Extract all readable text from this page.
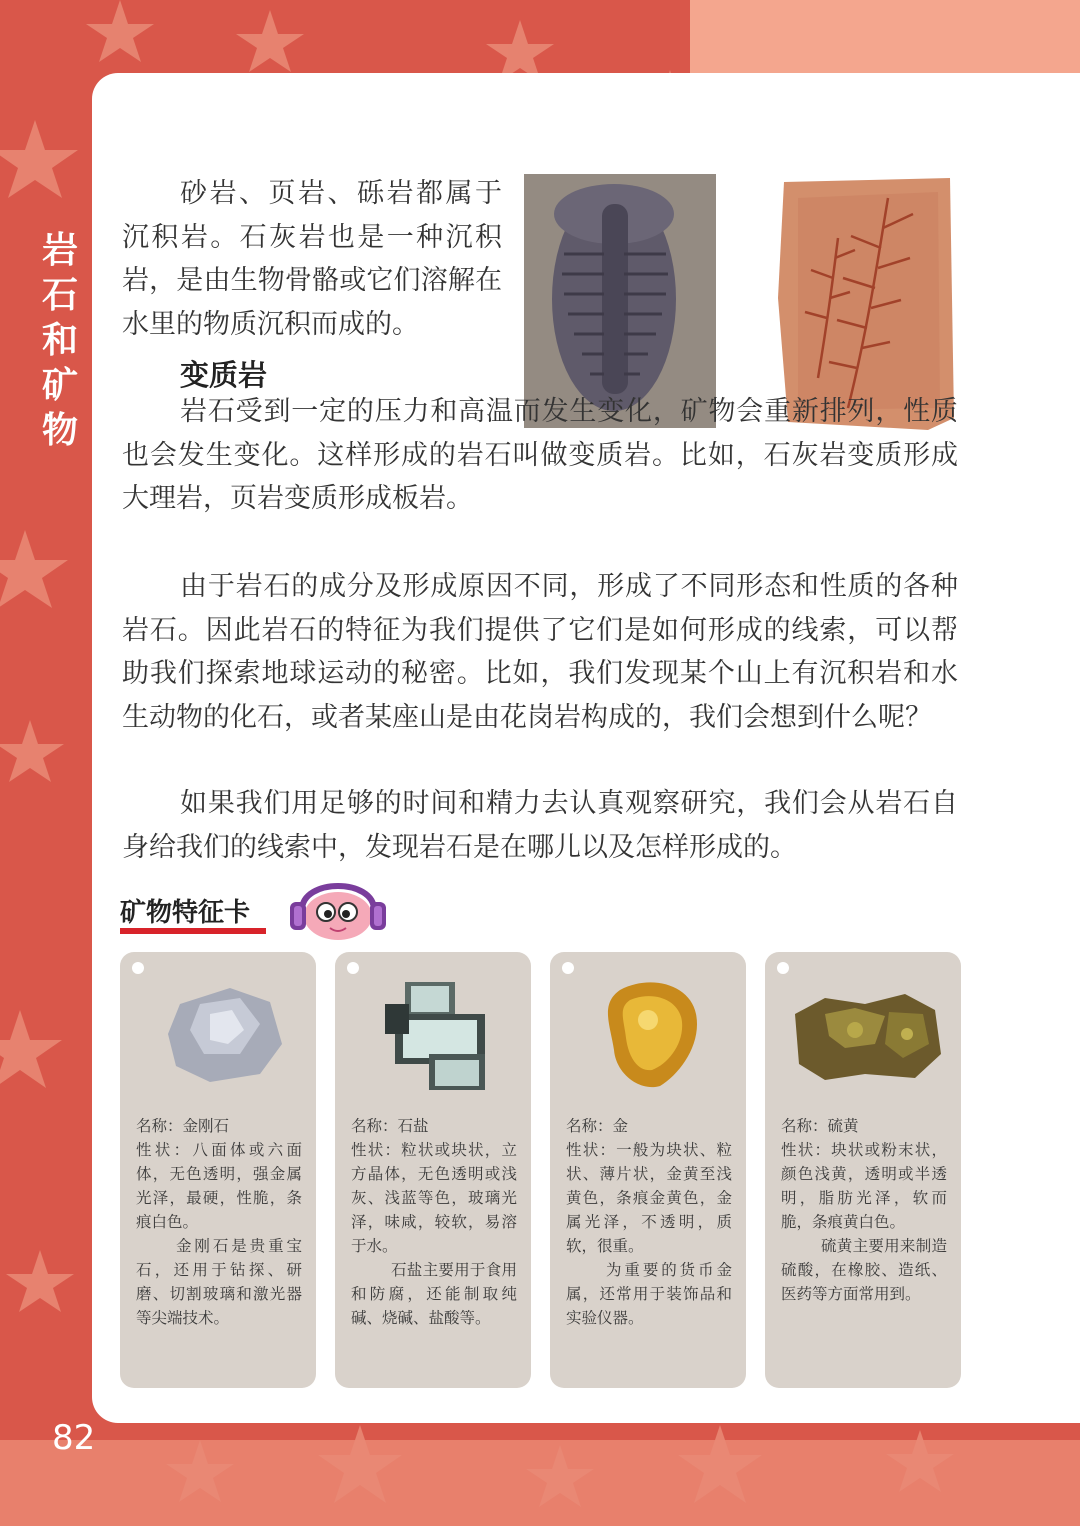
岩石和矿物
82

砂岩、页岩、砾岩都属于沉积岩。石灰岩也是一种沉积岩，是由生物骨骼或它们溶解在水里的物质沉积而成的。

变质岩

岩石受到一定的压力和高温而发生变化，矿物会重新排列，性质也会发生变化。这样形成的岩石叫做变质岩。比如，石灰岩变质形成大理岩，页岩变质形成板岩。

由于岩石的成分及形成原因不同，形成了不同形态和性质的各种岩石。因此岩石的特征为我们提供了它们是如何形成的线索，可以帮助我们探索地球运动的秘密。比如，我们发现某个山上有沉积岩和水生动物的化石，或者某座山是由花岗岩构成的，我们会想到什么呢？

如果我们用足够的时间和精力去认真观察研究，我们会从岩石自身给我们的线索中，发现岩石是在哪儿以及怎样形成的。

矿物特征卡

名称：金刚石

性状：八面体或六面体，无色透明，强金属光泽，最硬，性脆，条痕白色。

金刚石是贵重宝石，还用于钻探、研磨、切割玻璃和激光器等尖端技术。

名称：石盐

性状：粒状或块状，立方晶体，无色透明或浅灰、浅蓝等色，玻璃光泽，味咸，较软，易溶于水。

石盐主要用于食用和防腐，还能制取纯碱、烧碱、盐酸等。

名称：金

性状：一般为块状、粒状、薄片状，金黄至浅黄色，条痕金黄色，金属光泽，不透明，质软，很重。

为重要的货币金属，还常用于装饰品和实验仪器。

名称：硫黄

性状：块状或粉末状，颜色浅黄，透明或半透明，脂肪光泽，软而脆，条痕黄白色。

硫黄主要用来制造硫酸，在橡胶、造纸、医药等方面常用到。
